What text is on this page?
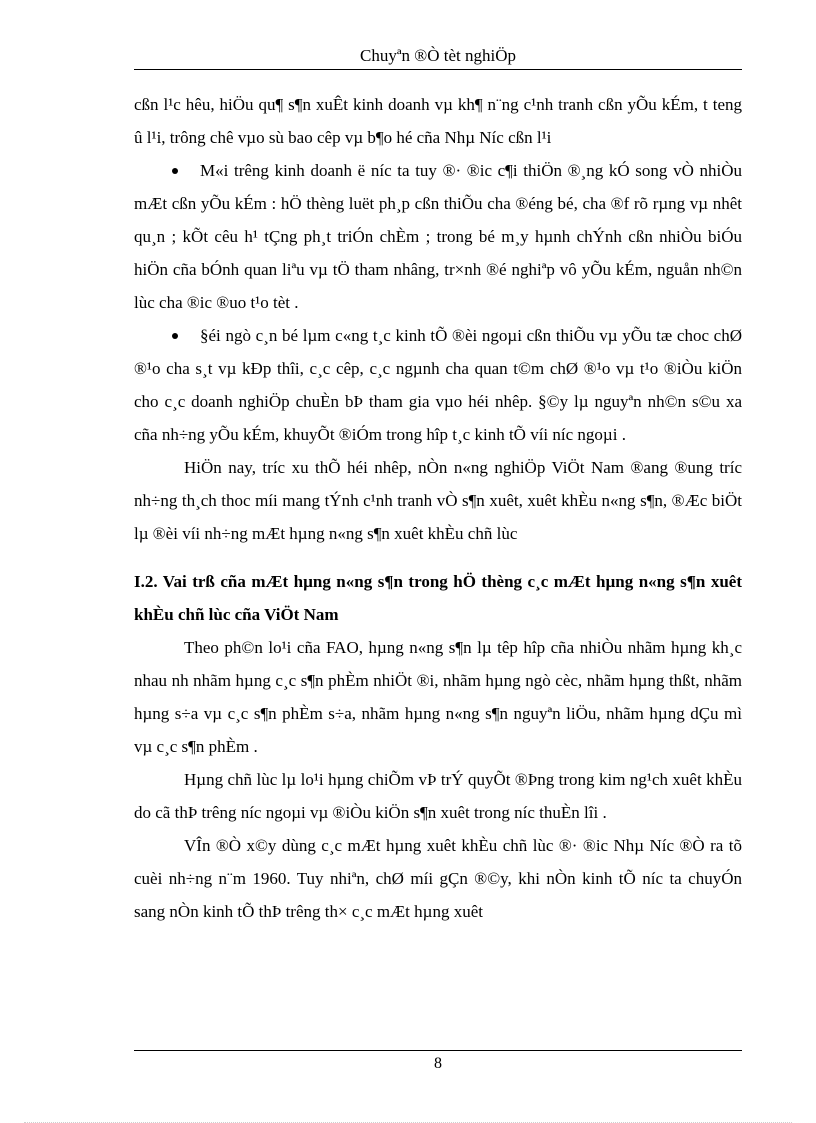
Chuyªn ®Ò tèt nghiÖp

cßn l¹c hêu, hiÖu qu¶ s¶n xuÊt kinh doanh vµ kh¶ n¨ng c¹nh tranh cßn yÕu kÉm, t teng û l¹i, trông chê vµo sù bao cêp vµ b¶o hé cña Nhµ Níc cßn l¹i

M«i trêng kinh doanh ë níc ta tuy ®· ®ic c¶i thiÖn ®¸ng kÓ song vÒ nhiÒu mÆt cßn yÕu kÉm : hÖ thèng luët ph¸p cßn thiÕu cha ®éng bé, cha ®f rõ rµng vµ nhêt qu¸n ; kÕt cêu h¹ tÇng ph¸t triÓn chÈm ; trong bé m¸y hµnh chÝnh cßn nhiÒu biÓu hiÖn cña bÓnh quan liªu vµ tÖ tham nhâng, tr×nh ®é nghiªp vô yÕu kÉm, nguån nh©n lùc cha ®ic ®uo t¹o tèt .

§éi ngò c¸n bé lµm c«ng t¸c kinh tÕ ®èi ngoµi cßn thiÕu vµ yÕu tæ choc chØ ®¹o cha s¸t vµ kÐp thîi, c¸c cêp, c¸c ngµnh cha quan t©m chØ ®¹o vµ t¹o ®iÒu kiÖn cho c¸c doanh nghiÖp chuÈn bÞ tham gia vµo héi nhêp. §©y lµ nguyªn nh©n s©u xa cña nh÷ng yÕu kÉm, khuyÕt ®iÓm trong hîp t¸c kinh tÕ víi níc ngoµi .

HiÖn nay, tríc xu thÕ héi nhêp, nÒn n«ng nghiÖp ViÖt Nam ®ang ®ung tríc nh÷ng th¸ch thoc míi mang tÝnh c¹nh tranh vÒ s¶n xuêt, xuêt khÈu n«ng s¶n, ®Æc biÖt lµ ®èi víi nh÷ng mÆt hµng n«ng s¶n xuêt khÈu chñ lùc

I.2. Vai trß cña mÆt hµng n«ng s¶n trong hÖ thèng c¸c mÆt hµng n«ng s¶n xuêt khÈu chñ lùc cña ViÖt Nam

Theo ph©n lo¹i cña FAO, hµng n«ng s¶n lµ têp hîp cña nhiÒu nhãm hµng kh¸c nhau nh nhãm hµng c¸c s¶n phÈm nhiÖt ®i, nhãm hµng ngò cèc, nhãm hµng thßt, nhãm hµng s÷a vµ c¸c s¶n phÈm s÷a, nhãm hµng n«ng s¶n nguyªn liÖu, nhãm hµng dÇu mì vµ c¸c s¶n phÈm .

Hµng chñ lùc lµ lo¹i hµng chiÕm vÞ trÝ quyÕt ®Þng trong kim ng¹ch xuêt khÈu do cã thÞ trêng níc ngoµi vµ ®iÒu kiÖn s¶n xuêt trong níc thuÈn lîi .

VÎn ®Ò x©y dùng c¸c mÆt hµng xuêt khÈu chñ lùc ®· ®ic Nhµ Níc ®Ò ra tõ cuèi nh÷ng n¨m 1960. Tuy nhiªn, chØ míi gÇn ®©y, khi nÒn kinh tÕ níc ta chuyÓn sang nÒn kinh tÕ thÞ trêng th× c¸c mÆt hµng xuêt

8
